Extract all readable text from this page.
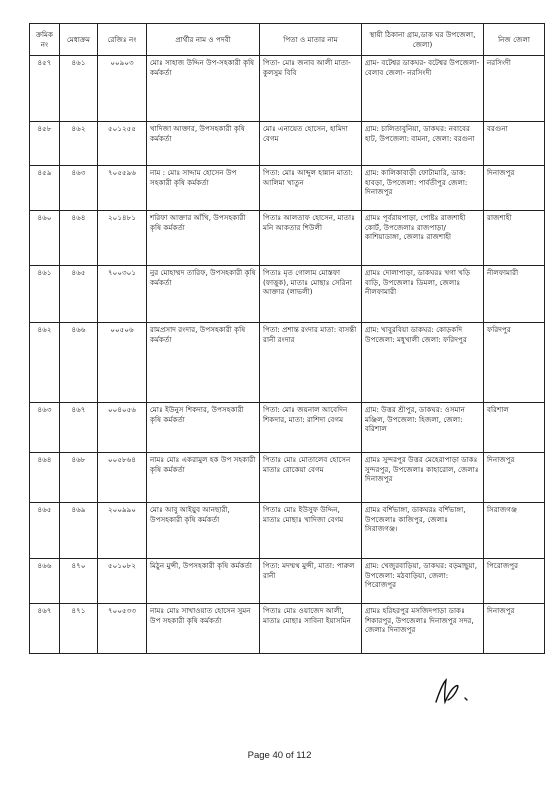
ক্রমিক নং	মেধাক্রম	রেজিঃ নং	প্রার্থীর নাম ও পদবী	পিতা ও মাতার নাম	স্থায়ী ঠিকানা গ্রাম,ডাক ঘর উপজেলা, জেলা)	নিজ জেলা
৪৫৭	৪৬১	০০৯০৩	মোঃ সাহাজ উদ্দিন উপ-সহকারী কৃষি কর্মকর্তা	পিতা- মোঃ জনাব আলী মাতা- কুলসুম বিবি	গ্রাম- বটেশ্বর ডাকঘর- বটেশ্বর উপজেলা- বেলাব জেলা- নরসিংদী	নরসিংদী
৪৫৮	৪৬২	৫০১২৫৫	খাদিজা আক্তার, উপসহকারী কৃষি কর্মকর্তা	মোঃ এনায়েত হোসেন, হামিদা বেগম	গ্রাম: চালিতাবুনিয়া, ডাকঘর: নবাবের হাট, উপজেলা: বামনা, জেলা: বরগুনা	বরগুনা
৪৫৯	৪৬৩	৭০৫৫৯৬	নাম : মোঃ সাদ্দাম হোসেন উপ সহকারী কৃষি কর্মকর্তা	পিতা: মোঃ আব্দুল হান্নান মাতা: আলিমা খাতুন	গ্রাম: কালিকাবাড়ী ফোটামারি, ডাক: হাবড়া, উপজেলা: পার্বতীপুর জেলা: দিনাজপুর	দিনাজপুর
৪৬০	৪৬৪	২০১৪৮১	শরিফা আক্তার আঁখি, উপসহকারী কৃষি কর্মকর্তা	পিতাঃ আলতাফ হোসেন, মাতাঃ মনি আকতার শিউলী	গ্রামঃ পূর্বরায়পাড়া, পোষ্টঃ রাজশাহী কোর্ট, উপজেলাঃ রাজপাড়া/কাশিয়াডাঙ্গা, জেলাঃ রাজশাহী	রাজশাহী
৪৬১	৪৬৫	৭০০৩০১	নুর মোহাম্মদ তারিফ, উপসহকারী কৃষি কর্মকর্তা	পিতাঃ মৃত গোলাম মোস্তফা (ফাত্তুক), মাতাঃ মোছাঃ সেরিনা আক্তার (লাভলী)	গ্রামঃ দোলাপাড়া, ডাকঘরঃ খগা খড়ি বাড়ি, উপজেলাঃ ডিমলা, জেলাঃ নীলফামারী	নীলফামারী
৪৬২	৪৬৬	০০৫০৬	রামপ্রসাদ রংদার, উপসহকারী কৃষি কর্মকর্তা	পিতা: প্রশান্ত রংদার মাতা: বাসন্তী রানী রংদার	গ্রাম: খাবুরবিয়া ডাকঘর: কোড়কদি উপজেলা: মধুখালী জেলা: ফরিদপুর	ফরিদপুর
৪৬৩	৪৬৭	০০৪০৫৬	মোঃ ইউনুস শিকদার, উপসহকারী কৃষি কর্মকর্তা	পিতা: মোঃ জয়নাল আবেদিন শিকদার, মাতা: রাশিদা বেগম	গ্রাম: উত্তর শ্রীপুর, ডাকঘর: ওসমান মঞ্জিল, উপজেলা: হিজলা, জেলা: বরিশাল	বরিশাল
৪৬৪	৪৬৮	০০৫৮৬৪	নামঃ মোঃ একরামুল হক উপ সহকারী কৃষি কর্মকর্তা	পিতাঃ মোঃ মোতালেব হোসেন মাতাঃ রোকেয়া বেগম	গ্রামঃ সুন্দরপুর উত্তর মেহেরাপাড়া ডাকঃ সুন্দরপুর, উপজেলাঃ কাহারোল, জেলাঃ দিনাজপুর	দিনাজপুর
৪৬৫	৪৬৯	২০০৯৯০	মোঃ আবু আইয়ুব আনছারী, উপসহকারী কৃষি কর্মকর্তা	পিতাঃ মোঃ ইউসুফ উদ্দিন, মাতাঃ মোছাঃ খাদিজা বেগম	গ্রামঃ বর্শিভাঙ্গা, ডাকঘরঃ বর্শিভাঙ্গা, উপজেলাঃ কাজিপুর, জেলাঃ সিরাজগঞ্জ।	সিরাজগঞ্জ
৪৬৬	৪৭০	৫০১০৮২	মিঠুন মুন্সী, উপসহকারী কৃষি কর্মকর্তা	পিতা: মদম্মথ মুন্সী, মাতা: পারুল রানী	গ্রাম: খেজুরবাড়িয়া, ডাকঘর: বড়মাছুয়া, উপজেলা: মঠবাড়িয়া, জেলা: পিরোজপুর	পিরোজপুর
৪৬৭	৪৭১	৭০০৫৩৩	নামঃ মোঃ সাখাওয়াত হোসেন সুমন উপ সহকারী কৃষি কর্মকর্তা	পিতাঃ মোঃ ওয়াজেদ আলী, মাতাঃ মোছাঃ সাবিনা ইয়াসমিন	গ্রামঃ হরিহরপুর মসজিদপাড়া ডাকঃ শিকারপুর, উপজেলাঃ দিনাজপুর সদর, জেলাঃ দিনাজপুর	দিনাজপুর
Page 40 of 112
